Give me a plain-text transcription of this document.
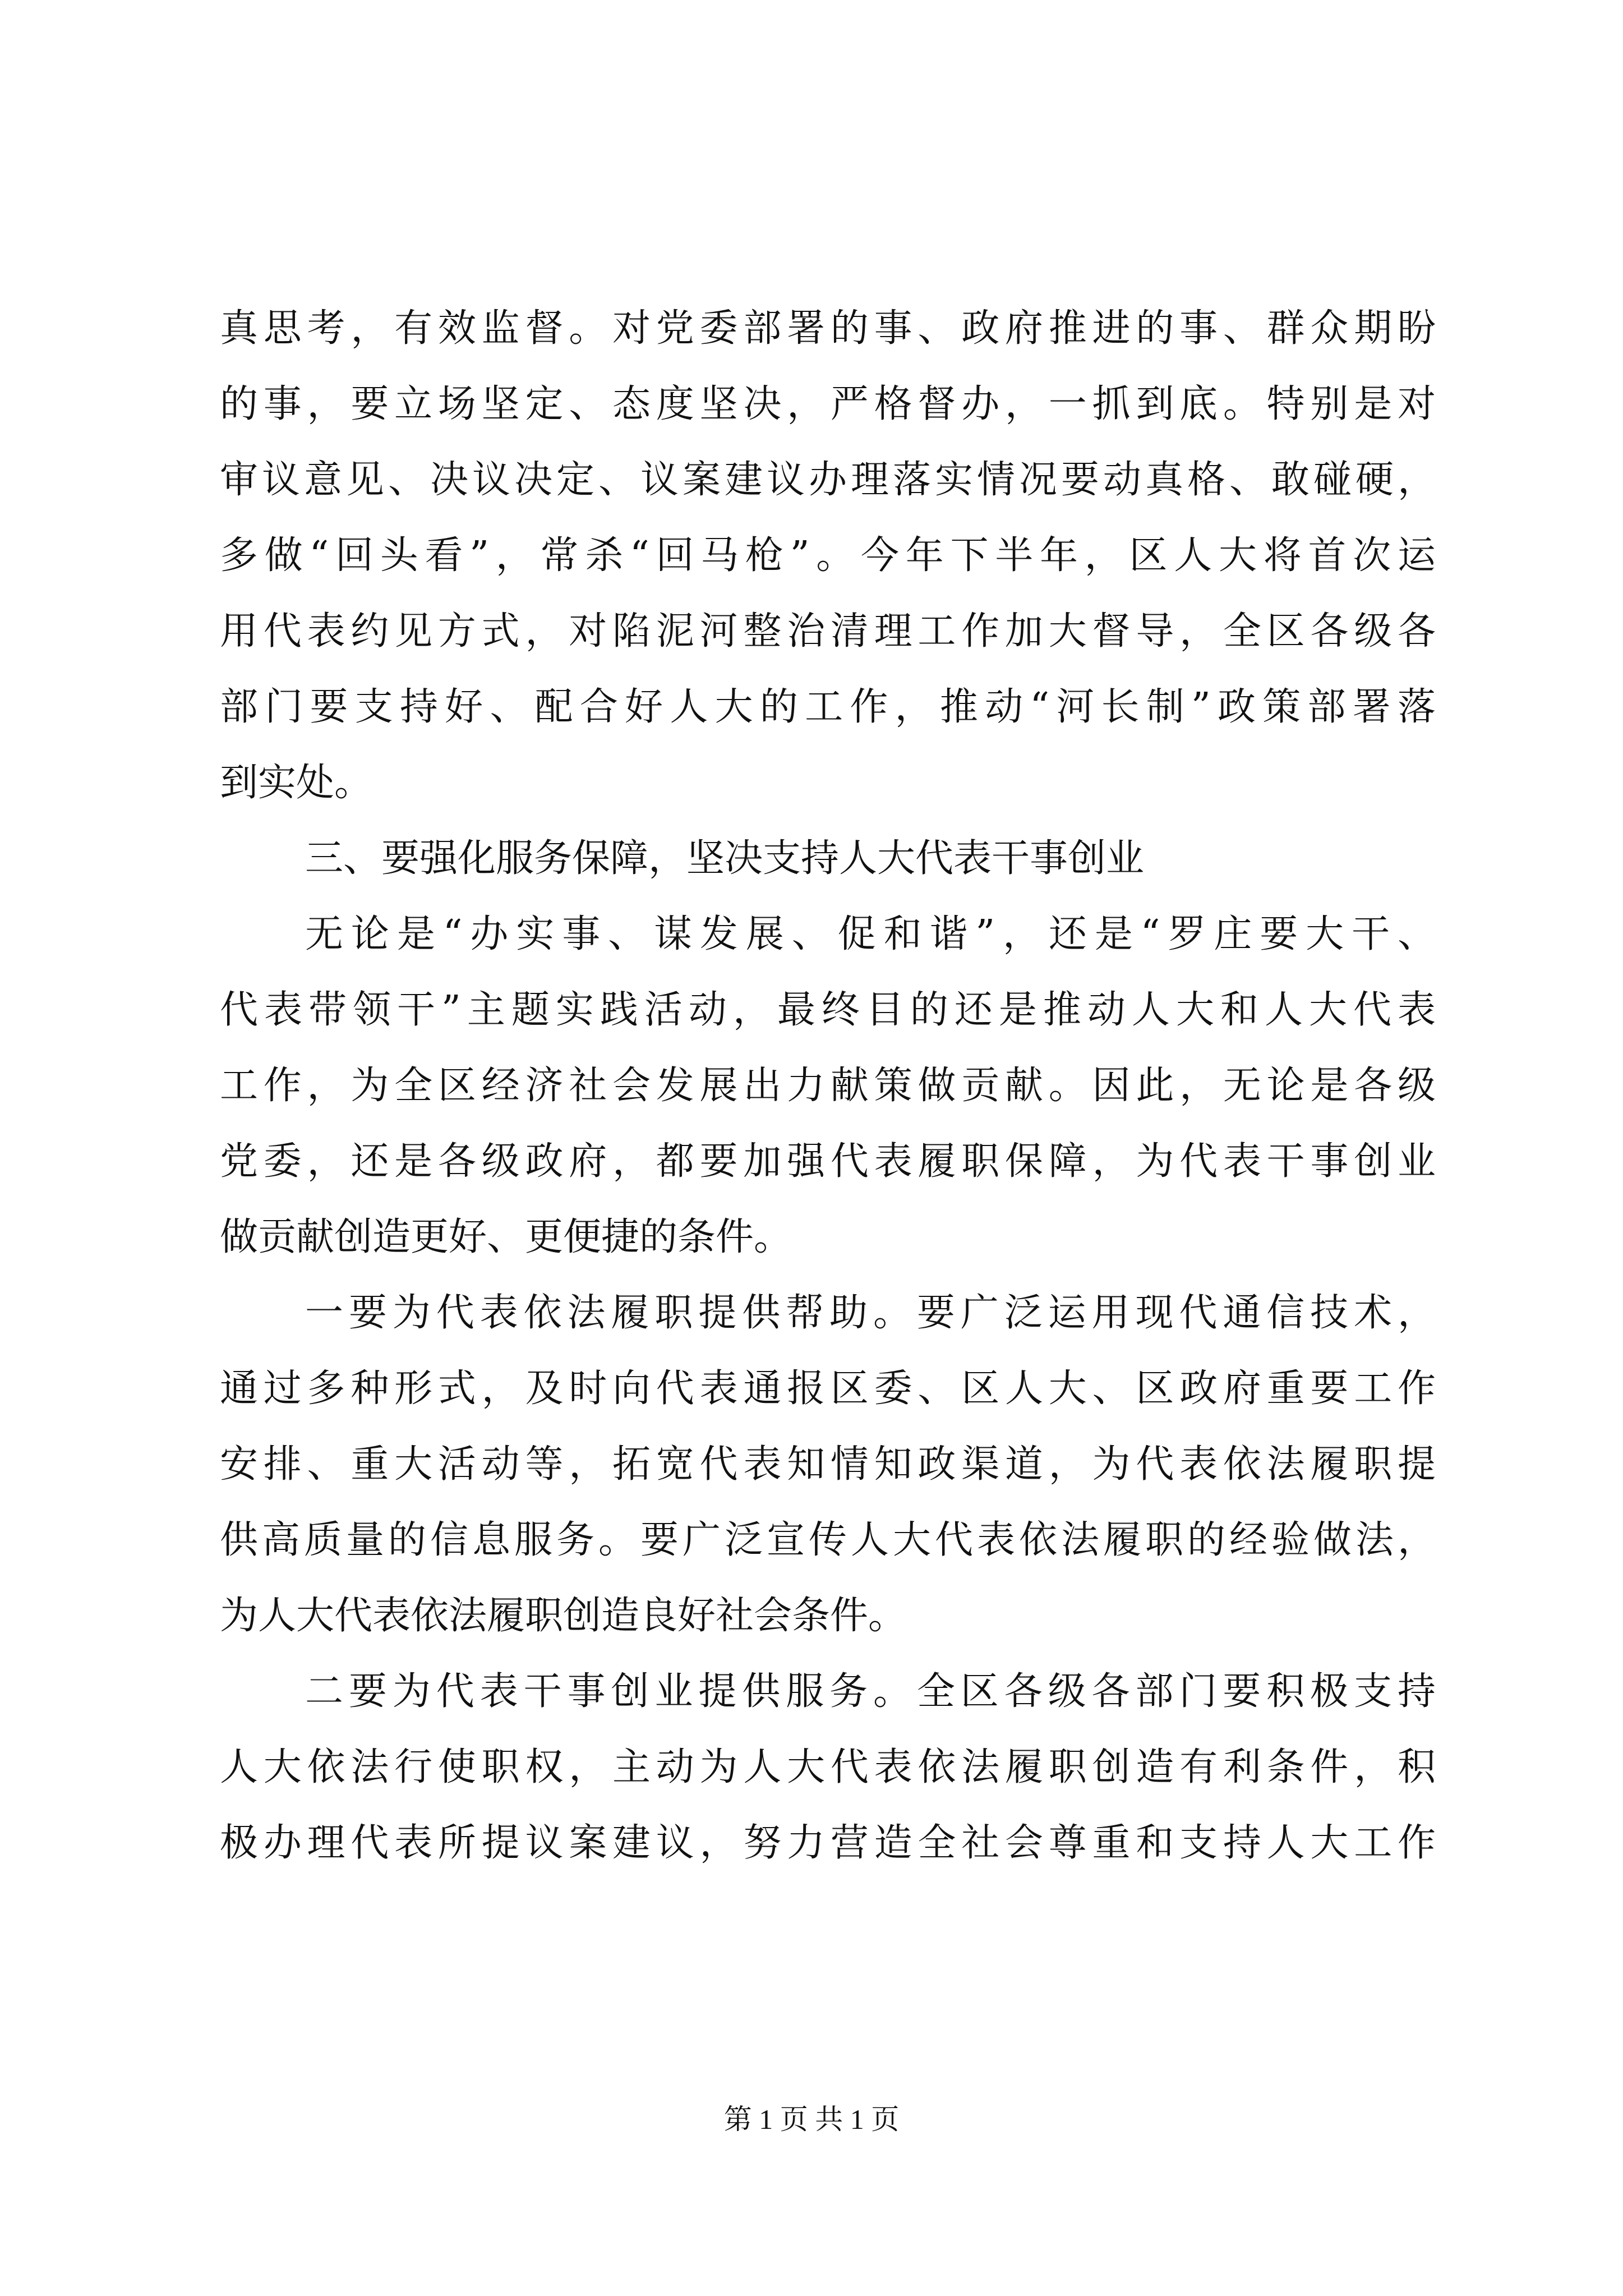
真思考，有效监督。对党委部署的事、政府推进的事、群众期盼
的事，要立场坚定、态度坚决，严格督办，一抓到底。特别是对
审议意见、决议决定、议案建议办理落实情况要动真格、敢碰硬，
多做“回头看”，常杀“回马枪”。今年下半年，区人大将首次运
用代表约见方式，对陷泥河整治清理工作加大督导，全区各级各
部门要支持好、配合好人大的工作，推动“河长制”政策部署落
到实处。
三、要强化服务保障，坚决支持人大代表干事创业
无论是“办实事、谋发展、促和谐”，还是“罗庄要大干、
代表带领干”主题实践活动，最终目的还是推动人大和人大代表
工作，为全区经济社会发展出力献策做贡献。因此，无论是各级
党委，还是各级政府，都要加强代表履职保障，为代表干事创业
做贡献创造更好、更便捷的条件。
一要为代表依法履职提供帮助。要广泛运用现代通信技术，
通过多种形式，及时向代表通报区委、区人大、区政府重要工作
安排、重大活动等，拓宽代表知情知政渠道，为代表依法履职提
供高质量的信息服务。要广泛宣传人大代表依法履职的经验做法，
为人大代表依法履职创造良好社会条件。
二要为代表干事创业提供服务。全区各级各部门要积极支持
人大依法行使职权，主动为人大代表依法履职创造有利条件，积
极办理代表所提议案建议，努力营造全社会尊重和支持人大工作
第 1 页 共 1 页
